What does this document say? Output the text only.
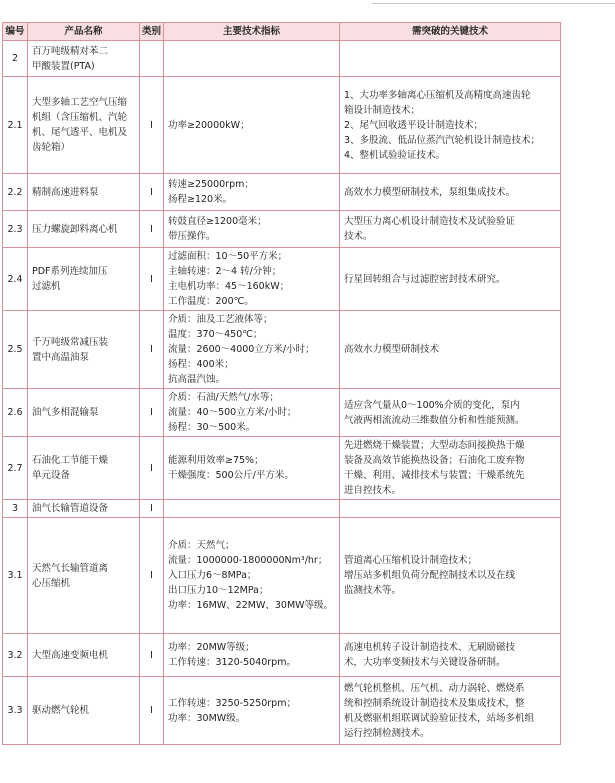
编号	产品名称	类别	主要技术指标	需突破的关键技术
2	百万吨级精对苯二
甲酸装置(PTA)			

2.1	大型多轴工艺空气压缩
机组（含压缩机、汽轮
机、尾气透平、电机及
齿轮箱）	I	功率≥20000kW；	1、大功率多轴离心压缩机及高精度高速齿轮
箱设计制造技术；
2、尾气回收透平设计制造技术；
3、多股流、低品位蒸汽汽轮机设计制造技术；
4、整机试验验证技术。

2.2	精制高速进料泵	I	转速≥25000rpm；
扬程≥120米。	高效水力模型研制技术，泵组集成技术。

2.3	压力螺旋卸料离心机	I	转鼓直径≥1200毫米；
带压操作。	大型压力离心机设计制造技术及试验验证
技术。

2.4	PDF系列连续加压
过滤机	I	过滤面积：10～50平方米；
主轴转速：2～4 转/分钟；
主电机功率：45～160kW；
工作温度：200℃。	行星回转组合与过滤腔密封技术研究。

2.5	千万吨级常减压装
置中高温油泵	I	介质：油及工艺液体等；
温度：370～450℃；
流量：2600～4000立方米/小时；
扬程：400米；
抗高温汽蚀。	高效水力模型研制技术

2.6	油气多相混输泵	I	介质：石油/天然气/水等；
流量：40～500立方米/小时；
扬程：30～500米。	适应含气量从0～100%介质的变化，泵内
气液两相流流动三维数值分析和性能预测。

2.7	石油化工节能干燥
单元设备	I	能源利用效率≥75%；
干燥强度：500公斤/平方米。	先进燃烧干燥装置；大型动态间接换热干燥
装备及高效节能换热设备；石油化工废弃物
干燥、利用、减排技术与装置；干燥系统先
进自控技术。

3	油气长输管道设备	I		
3.1	天然气长输管道离
心压缩机	I	介质：天然气；
流量：1000000-1800000Nm³/hr；
入口压力6～8MPa；
出口压力10～12MPa；
功率：16MW、22MW、30MW等级。	管道离心压缩机设计制造技术；
增压站多机组负荷分配控制技术以及在线
监测技术等。

3.2	大型高速变频电机	I	功率：20MW等级；
工作转速：3120-5040rpm。	高速电机转子设计制造技术、无刷励磁技
术，大功率变频技术与关键设备研制。

3.3	驱动燃气轮机	I	工作转速：3250-5250rpm；
功率：30MW级。	燃气轮机整机、压气机、动力涡轮、燃烧系
统和控制系统设计制造技术及集成技术，整
机及燃驱机组联调试验验证技术，站场多机组
运行控制检测技术。
